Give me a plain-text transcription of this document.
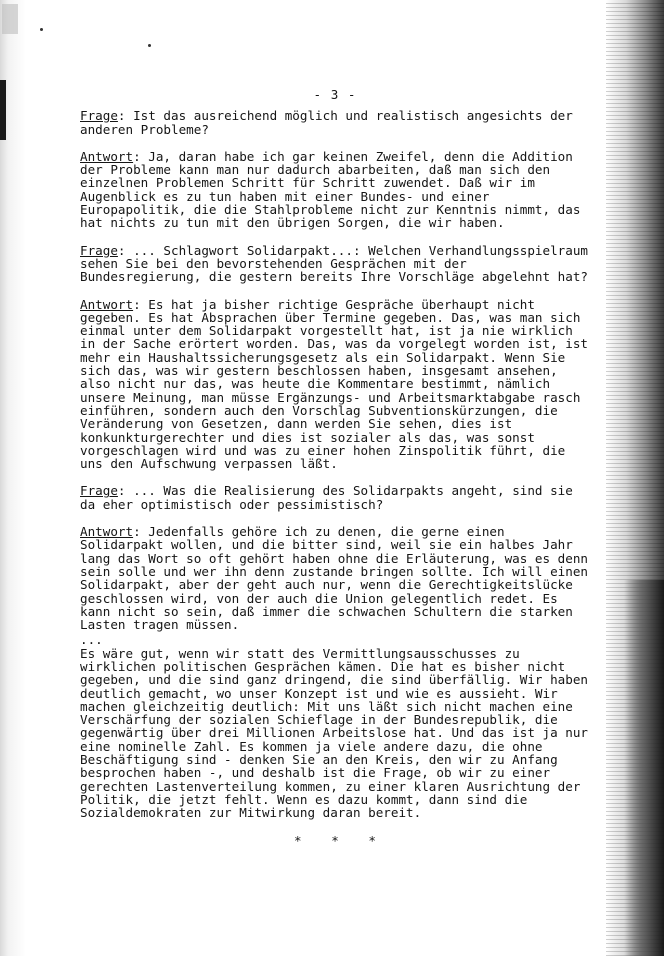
- 3 -

Frage: Ist das ausreichend möglich und realistisch angesichts der anderen Probleme?

Antwort: Ja, daran habe ich gar keinen Zweifel, denn die Addition der Probleme kann man nur dadurch abarbeiten, daß man sich den einzelnen Problemen Schritt für Schritt zuwendet. Daß wir im Augenblick es zu tun haben mit einer Bundes- und einer Europapolitik, die die Stahlprobleme nicht zur Kenntnis nimmt, das hat nichts zu tun mit den übrigen Sorgen, die wir haben.

Frage: ... Schlagwort Solidarpakt...: Welchen Verhandlungsspielraum sehen Sie bei den bevorstehenden Gesprächen mit der Bundesregierung, die gestern bereits Ihre Vorschläge abgelehnt hat?

Antwort: Es hat ja bisher richtige Gespräche überhaupt nicht gegeben. Es hat Absprachen über Termine gegeben. Das, was man sich einmal unter dem Solidarpakt vorgestellt hat, ist ja nie wirklich in der Sache erörtert worden. Das, was da vorgelegt worden ist, ist mehr ein Haushaltssicherungsgesetz als ein Solidarpakt. Wenn Sie sich das, was wir gestern beschlossen haben, insgesamt ansehen, also nicht nur das, was heute die Kommentare bestimmt, nämlich unsere Meinung, man müsse Ergänzungs- und Arbeitsmarktabgabe rasch einführen, sondern auch den Vorschlag Subventionskürzungen, die Veränderung von Gesetzen, dann werden Sie sehen, dies ist konkunkturgerechter und dies ist sozialer als das, was sonst vorgeschlagen wird und was zu einer hohen Zinspolitik führt, die uns den Aufschwung verpassen läßt.

Frage: ... Was die Realisierung des Solidarpakts angeht, sind sie da eher optimistisch oder pessimistisch?

Antwort: Jedenfalls gehöre ich zu denen, die gerne einen Solidarpakt wollen, und die bitter sind, weil sie ein halbes Jahr lang das Wort so oft gehört haben ohne die Erläuterung, was es denn sein solle und wer ihn denn zustande bringen sollte. Ich will einen Solidarpakt, aber der geht auch nur, wenn die Gerechtigkeitslücke geschlossen wird, von der auch die Union gelegentlich redet. Es kann nicht so sein, daß immer die schwachen Schultern die starken Lasten tragen müssen.

...

Es wäre gut, wenn wir statt des Vermittlungsausschusses zu wirklichen politischen Gesprächen kämen. Die hat es bisher nicht gegeben, und die sind ganz dringend, die sind überfällig. Wir haben deutlich gemacht, wo unser Konzept ist und wie es aussieht. Wir machen gleichzeitig deutlich: Mit uns läßt sich nicht machen eine Verschärfung der sozialen Schieflage in der Bundesrepublik, die gegenwärtig über drei Millionen Arbeitslose hat. Und das ist ja nur eine nominelle Zahl. Es kommen ja viele andere dazu, die ohne Beschäftigung sind - denken Sie an den Kreis, den wir zu Anfang besprochen haben -, und deshalb ist die Frage, ob wir zu einer gerechten Lastenverteilung kommen, zu einer klaren Ausrichtung der Politik, die jetzt fehlt. Wenn es dazu kommt, dann sind die Sozialdemokraten zur Mitwirkung daran bereit.

* * *
